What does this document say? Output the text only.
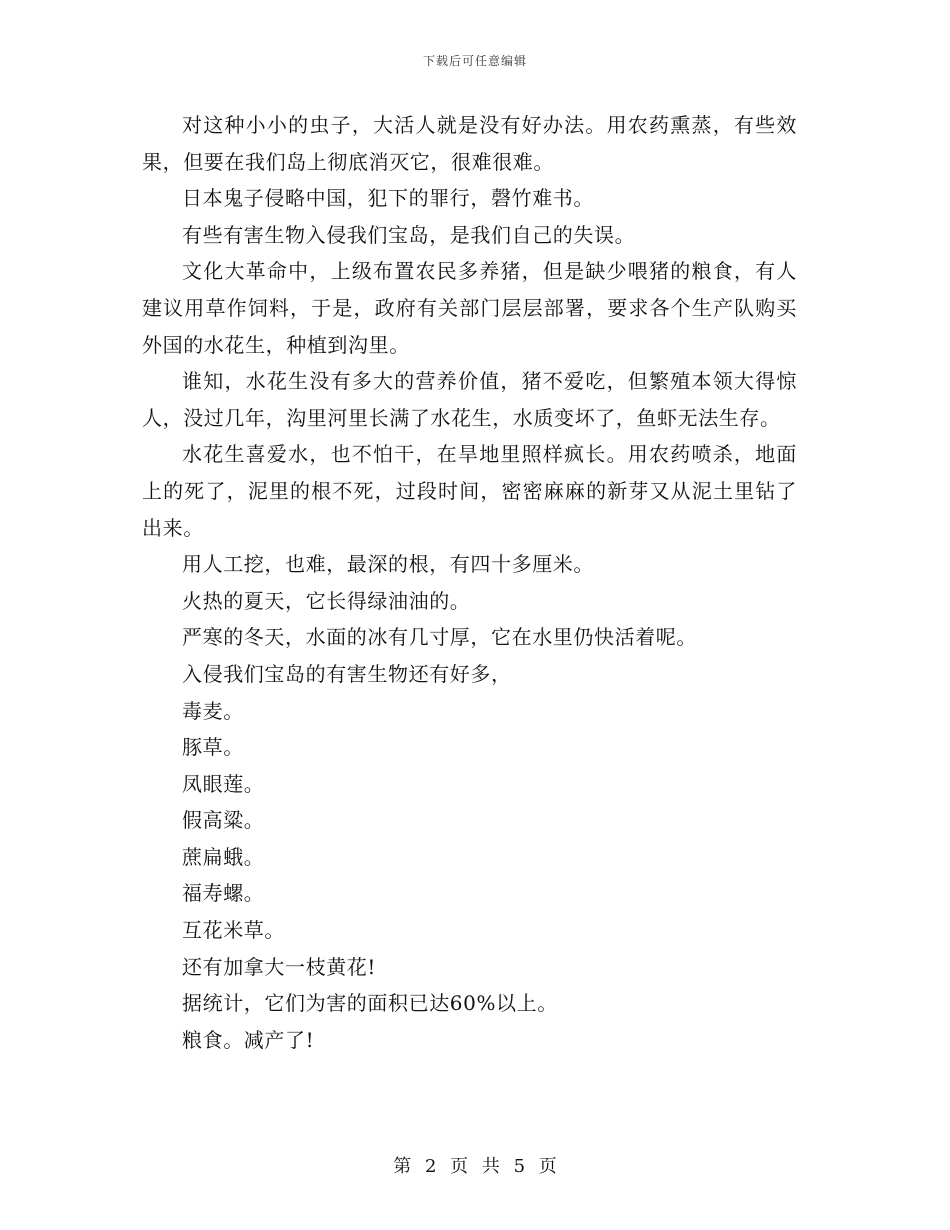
下载后可任意编辑

对这种小小的虫子，大活人就是没有好办法。用农药熏蒸，有些效果，但要在我们岛上彻底消灭它，很难很难。

日本鬼子侵略中国，犯下的罪行，磬竹难书。

有些有害生物入侵我们宝岛，是我们自己的失误。

文化大革命中，上级布置农民多养猪，但是缺少喂猪的粮食，有人建议用草作饲料，于是，政府有关部门层层部署，要求各个生产队购买外国的水花生，种植到沟里。

谁知，水花生没有多大的营养价值，猪不爱吃，但繁殖本领大得惊人，没过几年，沟里河里长满了水花生，水质变坏了，鱼虾无法生存。

水花生喜爱水，也不怕干，在旱地里照样疯长。用农药喷杀，地面上的死了，泥里的根不死，过段时间，密密麻麻的新芽又从泥土里钻了出来。

用人工挖，也难，最深的根，有四十多厘米。

火热的夏天，它长得绿油油的。

严寒的冬天，水面的冰有几寸厚，它在水里仍快活着呢。

入侵我们宝岛的有害生物还有好多，

毒麦。

豚草。

凤眼莲。

假高粱。

蔗扁蛾。

福寿螺。

互花米草。

还有加拿大一枝黄花!

据统计，它们为害的面积已达60%以上。

粮食。减产了!

第 2 页 共 5 页
